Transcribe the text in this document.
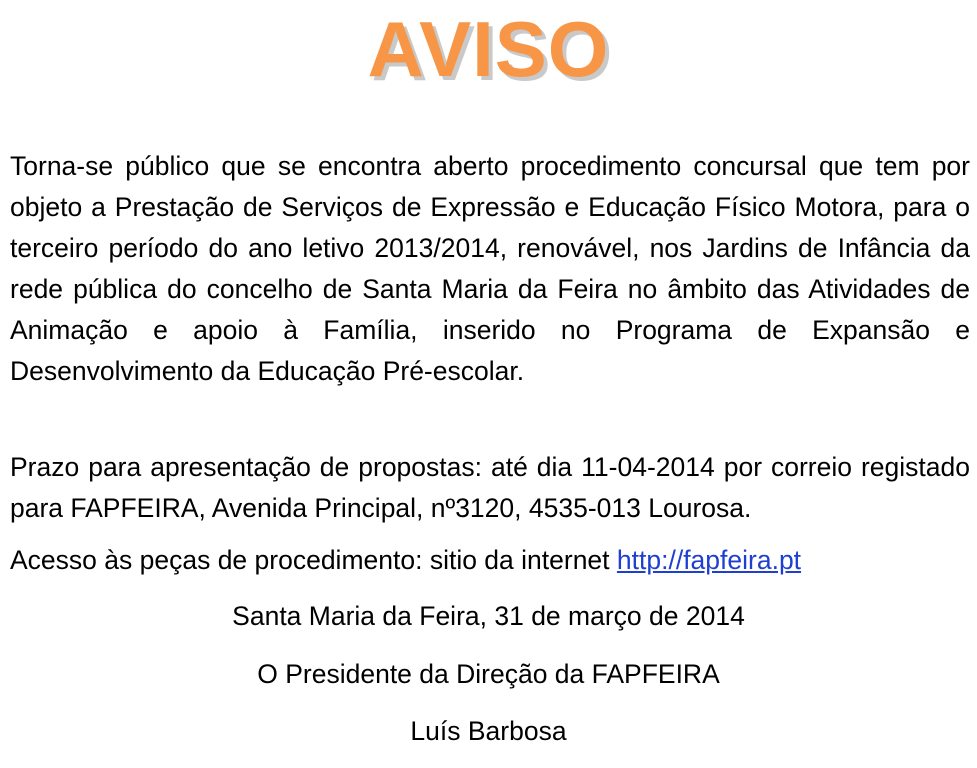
AVISO

Torna-se público que se encontra aberto procedimento concursal que tem por objeto a Prestação de Serviços de Expressão e Educação Físico Motora, para o terceiro período do ano letivo 2013/2014, renovável, nos Jardins de Infância da rede pública do concelho de Santa Maria da Feira no âmbito das Atividades de Animação e apoio à Família, inserido no Programa de Expansão e Desenvolvimento da Educação Pré-escolar.

Prazo para apresentação de propostas: até dia 11-04-2014 por correio registado para FAPFEIRA, Avenida Principal, nº3120, 4535-013 Lourosa.

Acesso às peças de procedimento: sitio da internet http://fapfeira.pt

Santa Maria da Feira, 31 de março de 2014

O Presidente da Direção da FAPFEIRA

Luís Barbosa
